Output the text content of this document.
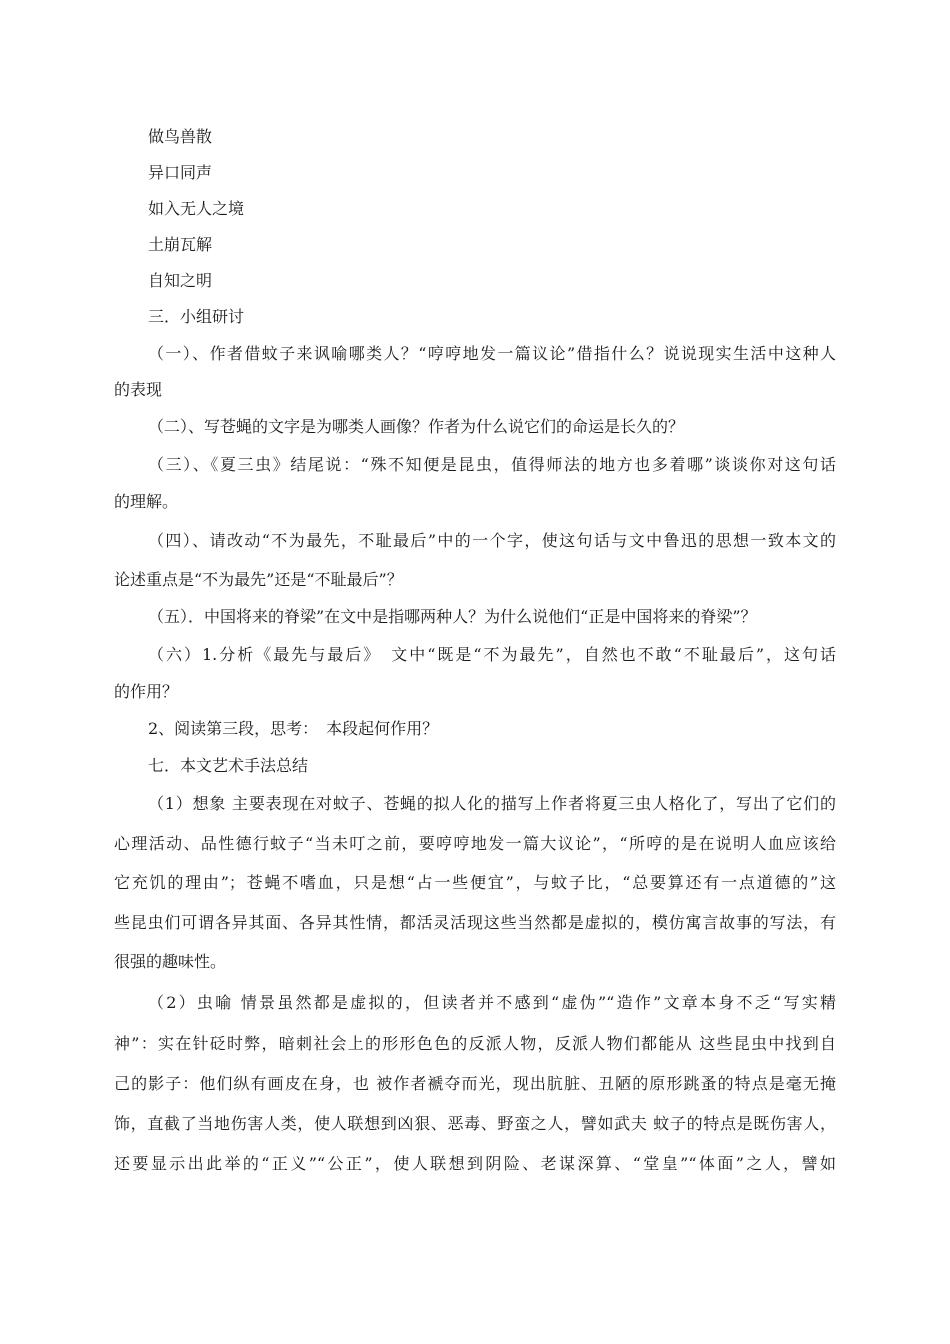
做鸟兽散
异口同声
如入无人之境
土崩瓦解
自知之明
三．小组研讨
（一）、作者借蚊子来讽喻哪类人？“哼哼地发一篇议论”借指什么？说说现实生活中这种人
的表现
（二）、写苍蝇的文字是为哪类人画像？作者为什么说它们的命运是长久的？
（三）、《夏三虫》结尾说：“殊不知便是昆虫，值得师法的地方也多着哪”谈谈你对这句话
的理解。
（四）、请改动“不为最先，不耻最后”中的一个字，使这句话与文中鲁迅的思想一致本文的
论述重点是“不为最先”还是“不耻最后”？
（五）．中国将来的脊梁”在文中是指哪两种人？为什么说他们“正是中国将来的脊梁”？
（六）1.分析《最先与最后》　文中“既是“不为最先”，自然也不敢“不耻最后”，这句话
的作用？
2、阅读第三段，思考：　本段起何作用？
七．本文艺术手法总结
（1）想象 主要表现在对蚊子、苍蝇的拟人化的描写上作者将夏三虫人格化了，写出了它们的
心理活动、品性德行蚊子“当未叮之前，要哼哼地发一篇大议论”，“所哼的是在说明人血应该给
它充饥的理由”；苍蝇不嗜血，只是想“占一些便宜”，与蚊子比，“总要算还有一点道德的”这
些昆虫们可谓各异其面、各异其性情，都活灵活现这些当然都是虚拟的，模仿寓言故事的写法，有
很强的趣味性。
（2）虫喻 情景虽然都是虚拟的，但读者并不感到“虚伪”“造作”文章本身不乏“写实精
神”：实在针砭时弊，暗刺社会上的形形色色的反派人物，反派人物们都能从 这些昆虫中找到自
己的影子：他们纵有画皮在身，也 被作者褫夺而光，现出肮脏、丑陋的原形跳蚤的特点是毫无掩
饰，直截了当地伤害人类，使人联想到凶狠、恶毒、野蛮之人，譬如武夫 蚊子的特点是既伤害人，
还要显示出此举的“正义”“公正”，使人联想到阴险、老谋深算、“堂皇”“体面”之人，譬如
